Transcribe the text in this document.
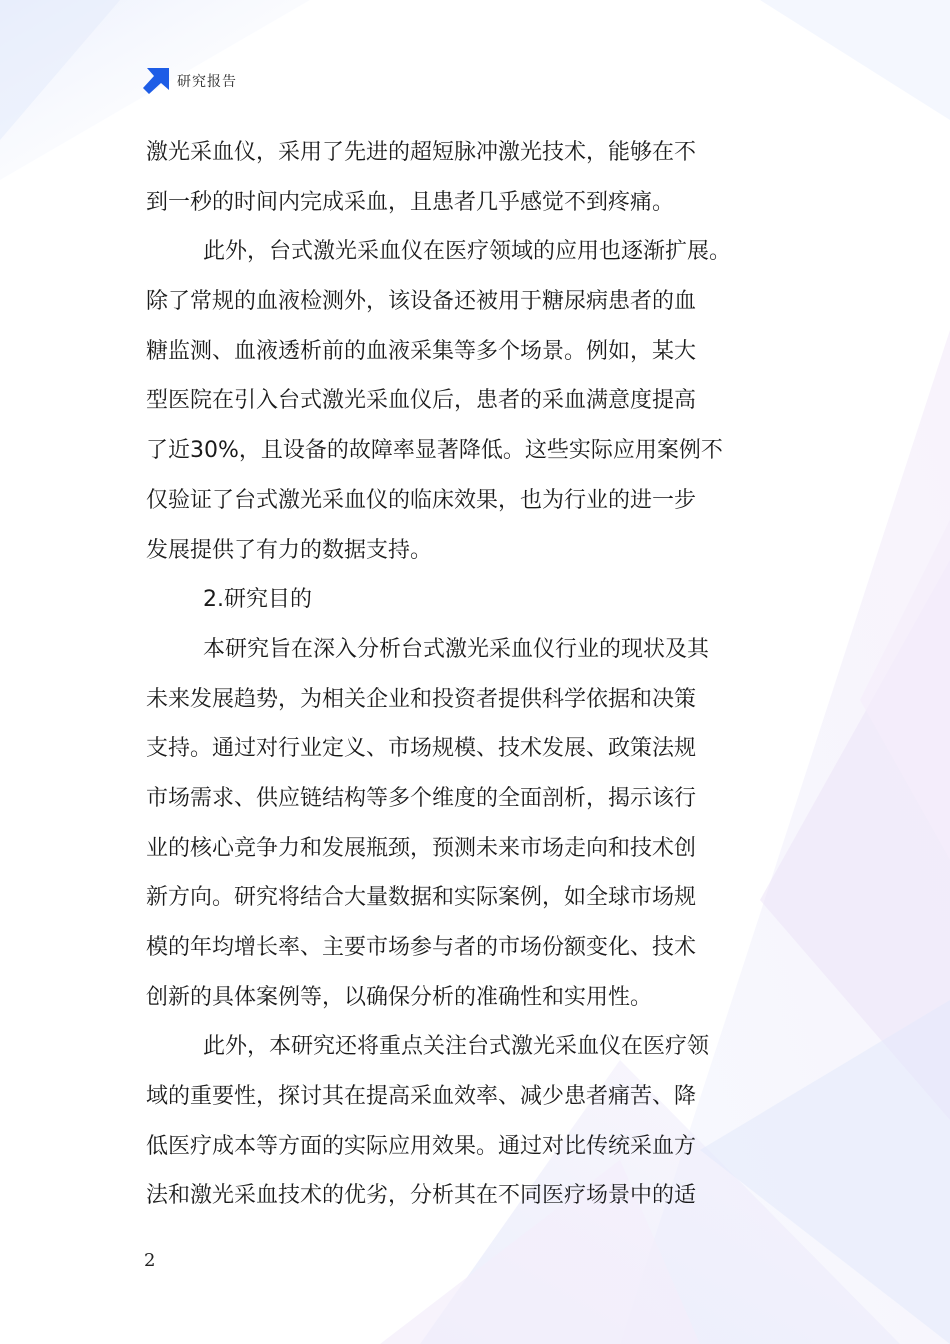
研究报告
激光采血仪，采用了先进的超短脉冲激光技术，能够在不
到一秒的时间内完成采血，且患者几乎感觉不到疼痛。
此外，台式激光采血仪在医疗领域的应用也逐渐扩展。
除了常规的血液检测外，该设备还被用于糖尿病患者的血
糖监测、血液透析前的血液采集等多个场景。例如，某大
型医院在引入台式激光采血仪后，患者的采血满意度提高
了近30%，且设备的故障率显著降低。这些实际应用案例不
仅验证了台式激光采血仪的临床效果，也为行业的进一步
发展提供了有力的数据支持。
2.研究目的
本研究旨在深入分析台式激光采血仪行业的现状及其
未来发展趋势，为相关企业和投资者提供科学依据和决策
支持。通过对行业定义、市场规模、技术发展、政策法规
市场需求、供应链结构等多个维度的全面剖析，揭示该行
业的核心竞争力和发展瓶颈，预测未来市场走向和技术创
新方向。研究将结合大量数据和实际案例，如全球市场规
模的年均增长率、主要市场参与者的市场份额变化、技术
创新的具体案例等，以确保分析的准确性和实用性。
此外，本研究还将重点关注台式激光采血仪在医疗领
域的重要性，探讨其在提高采血效率、减少患者痛苦、降
低医疗成本等方面的实际应用效果。通过对比传统采血方
法和激光采血技术的优劣，分析其在不同医疗场景中的适
2
